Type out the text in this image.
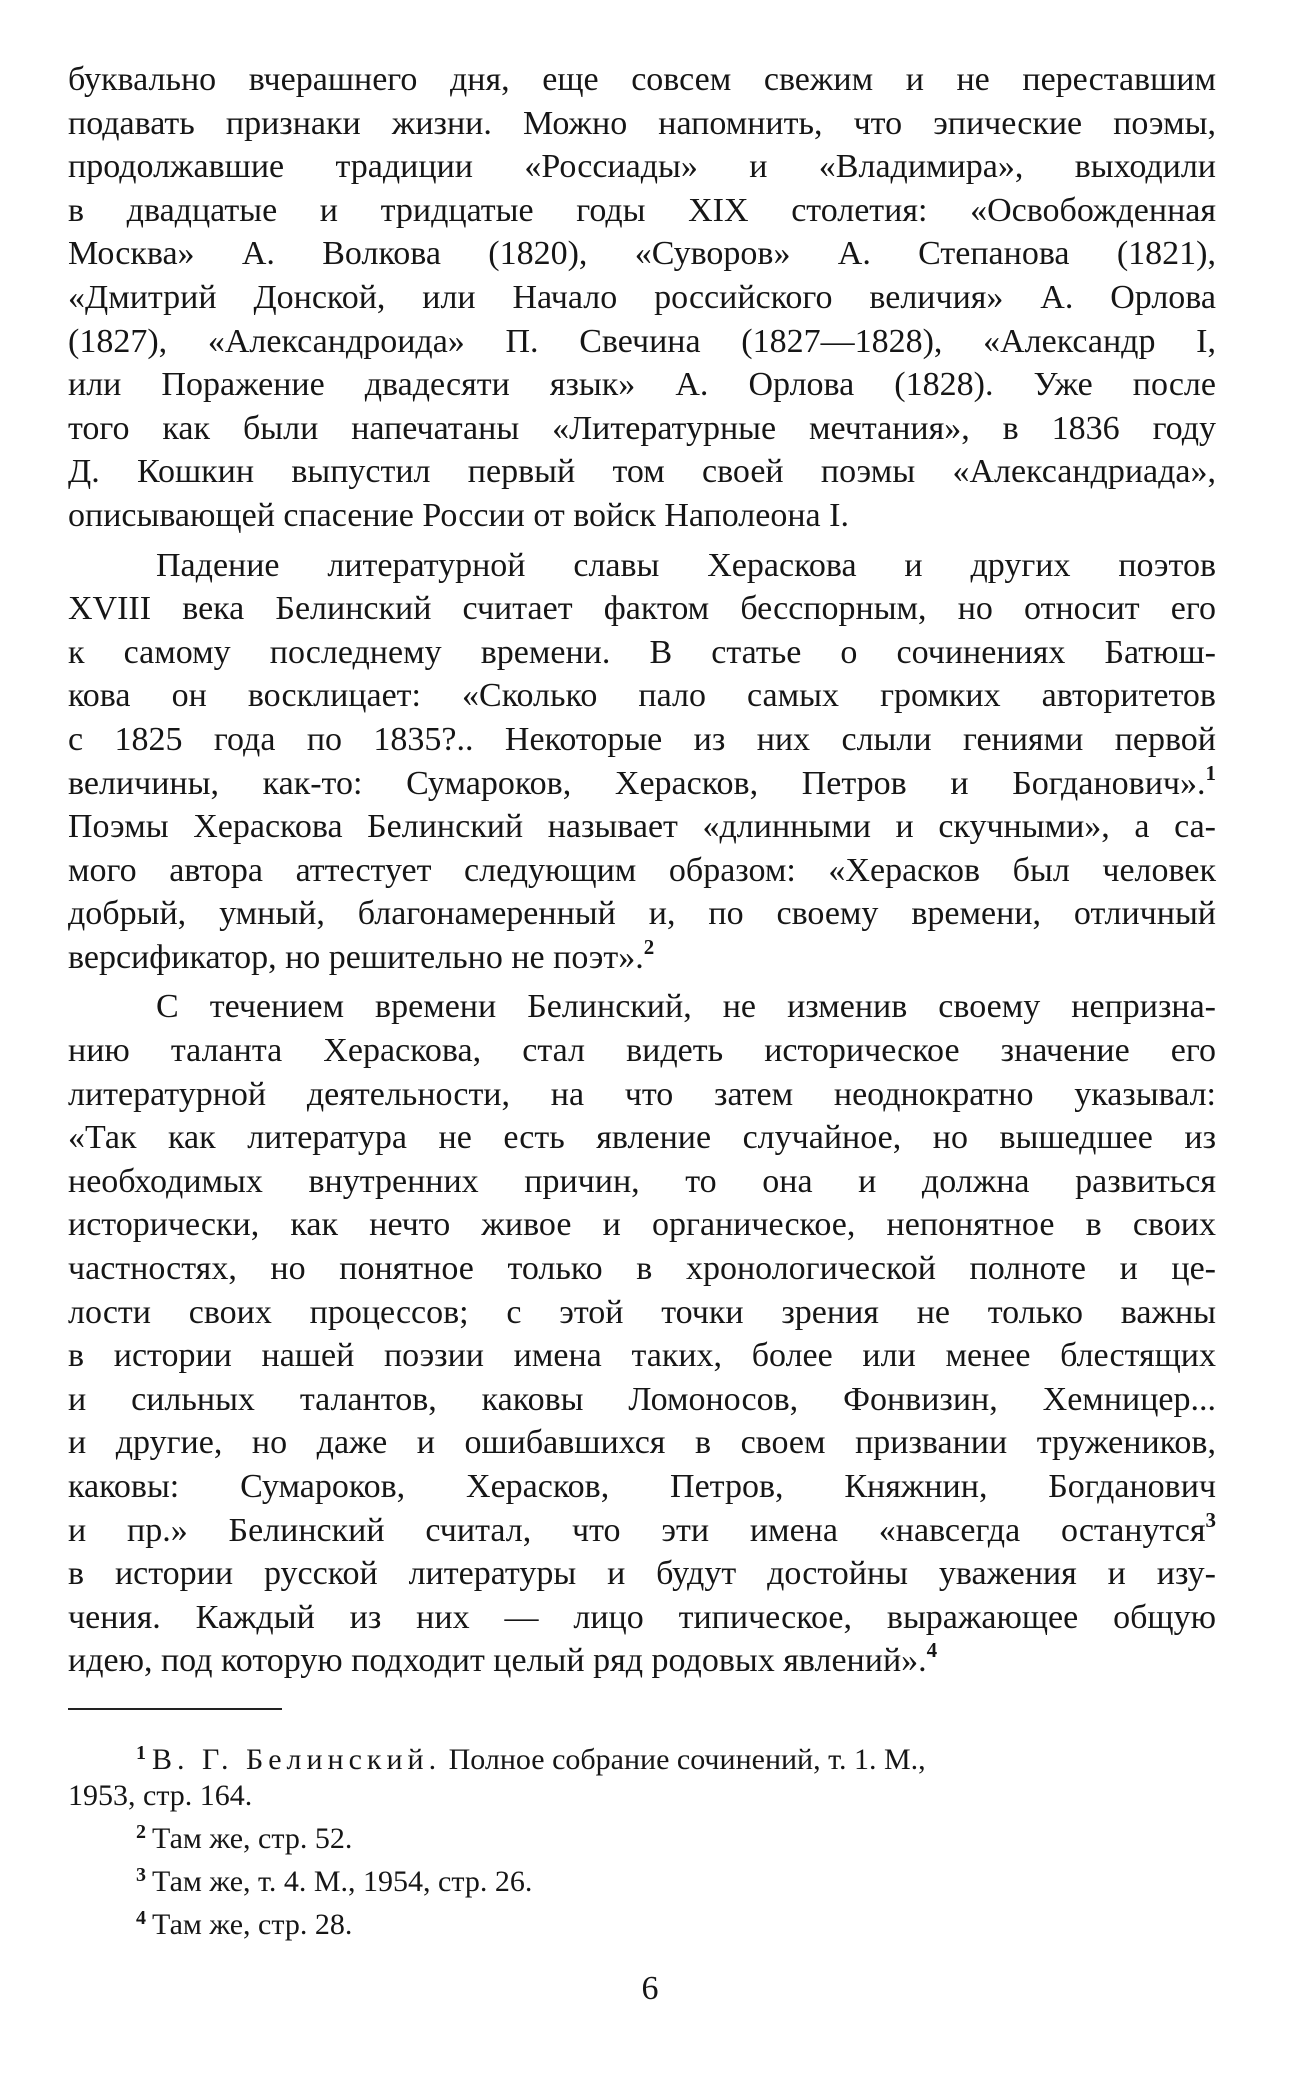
буквально вчерашнего дня, еще совсем свежим и не переставшим
подавать признаки жизни. Можно напомнить, что эпические поэмы,
продолжавшие традиции «Россиады» и «Владимира», выходили
в двадцатые и тридцатые годы XIX столетия: «Освобожденная
Москва» А. Волкова (1820), «Суворов» А. Степанова (1821),
«Дмитрий Донской, или Начало российского величия» А. Орлова
(1827), «Александроида» П. Свечина (1827—1828), «Александр I,
или Поражение двадесяти язык» А. Орлова (1828). Уже после
того как были напечатаны «Литературные мечтания», в 1836 году
Д. Кошкин выпустил первый том своей поэмы «Александриада»,
описывающей спасение России от войск Наполеона I.
Падение литературной славы Хераскова и других поэтов
XVIII века Белинский считает фактом бесспорным, но относит его
к самому последнему времени. В статье о сочинениях Батюш-
кова он восклицает: «Сколько пало самых громких авторитетов
с 1825 года по 1835?.. Некоторые из них слыли гениями первой
величины, как-то: Сумароков, Херасков, Петров и Богданович».$^1$
Поэмы Хераскова Белинский называет «длинными и скучными», а са-
мого автора аттестует следующим образом: «Херасков был человек
добрый, умный, благонамеренный и, по своему времени, отличный
версификатор, но решительно не поэт».$^2$
С течением времени Белинский, не изменив своему непризна-
нию таланта Хераскова, стал видеть историческое значение его
литературной деятельности, на что затем неоднократно указывал:
«Так как литература не есть явление случайное, но вышедшее из
необходимых внутренних причин, то она и должна развиться
исторически, как нечто живое и органическое, непонятное в своих
частностях, но понятное только в хронологической полноте и це-
лости своих процессов; с этой точки зрения не только важны
в истории нашей поэзии имена таких, более или менее блестящих
и сильных талантов, каковы Ломоносов, Фонвизин, Хемницер...
и другие, но даже и ошибавшихся в своем призвании тружеников,
каковы: Сумароков, Херасков, Петров, Княжнин, Богданович
и пр.» Белинский считал, что эти имена «навсегда останутся$^3$
в истории русской литературы и будут достойны уважения и изу-
чения. Каждый из них — лицо типическое, выражающее общую
идею, под которую подходит целый ряд родовых явлений».$^4$
$^1$ В. Г. Белинский. Полное собрание сочинений, т. 1. М.,
1953, стр. 164.
$^2$ Там же, стр. 52.
$^3$ Там же, т. 4. М., 1954, стр. 26.
$^4$ Там же, стр. 28.
6
